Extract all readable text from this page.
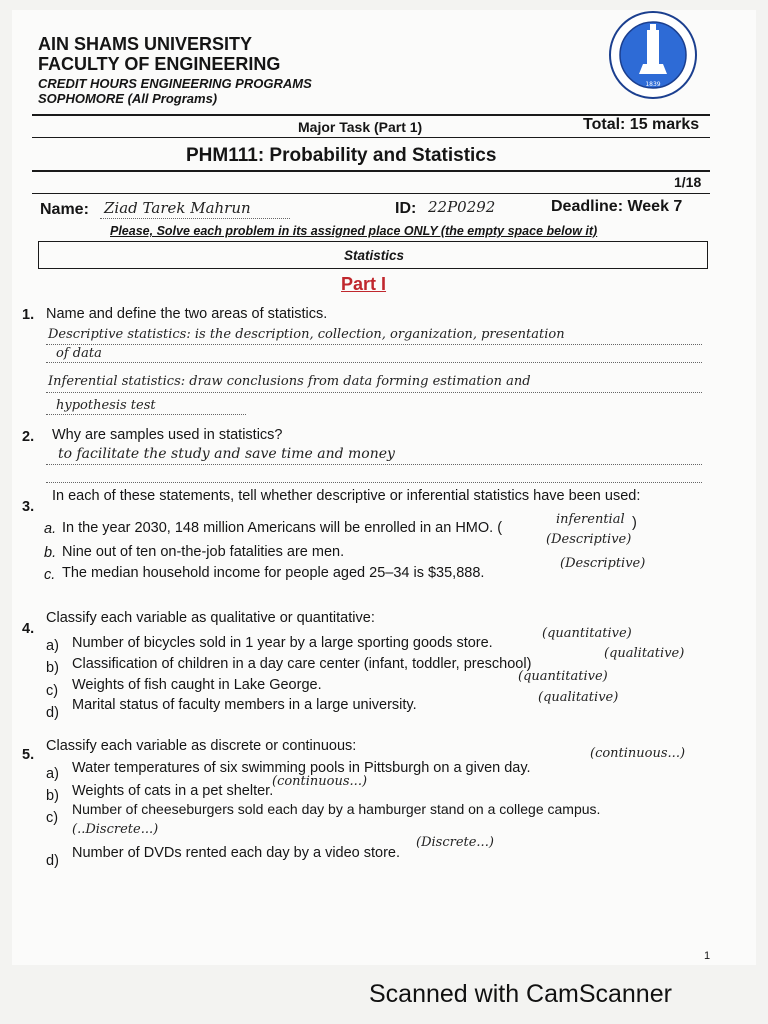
AIN SHAMS UNIVERSITY
FACULTY OF ENGINEERING
CREDIT HOURS ENGINEERING PROGRAMS
SOPHOMORE (All Programs)
1839
Major Task (Part 1)	Total: 15 marks
PHM111: Probability and Statistics
1/18
Name: Ziad Tarek Mahrun	ID: 22P0292	Deadline: Week 7
Please, Solve each problem in its assigned place ONLY (the empty space below it)
Statistics
Part I
1. Name and define the two areas of statistics.
Descriptive statistics: is the description, collection, organization, presentation
of data
Inferential statistics: draw conclusions from data forming estimation and
hypothesis test
2. Why are samples used in statistics?
to facilitate the study and save time and money
3.
In each of these statements, tell whether descriptive or inferential statistics have been used:
a. In the year 2030, 148 million Americans will be enrolled in an HMO. (
inferential )
b. Nine out of ten on-the-job fatalities are men.
(Descriptive)
c. The median household income for people aged 25–34 is $35,888.
(Descriptive)
4.
Classify each variable as qualitative or quantitative:
a) Number of bicycles sold in 1 year by a large sporting goods store.
(quantitative)
b) Classification of children in a day care center (infant, toddler, preschool)
(qualitative)
c) Weights of fish caught in Lake George.
(quantitative)
d) Marital status of faculty members in a large university.	(qualitative)
5.
Classify each variable as discrete or continuous:
a) Water temperatures of six swimming pools in Pittsburgh on a given day.
(continuous...)
b) Weights of cats in a pet shelter.
(continuous...)
c)
Number of cheeseburgers sold each day by a hamburger stand on a college campus.
(..Discrete...)
d) Number of DVDs rented each day by a video store.
(Discrete...)
1
Scanned with CamScanner
